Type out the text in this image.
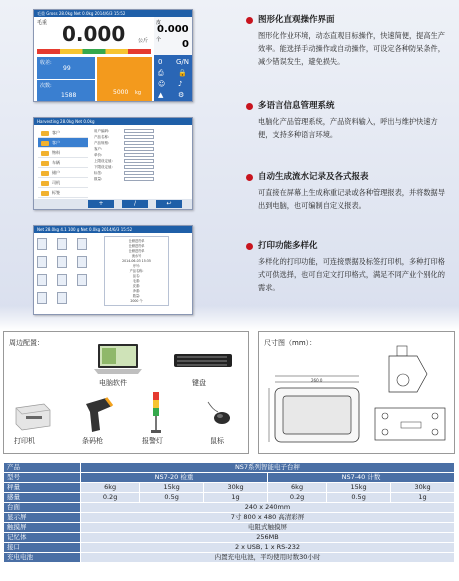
毛重 Gross 28.0kg Net 0.0kg 2014/6/3 15:52
毛重 0.000	公斤
收差:
99
次数:
1588	5000 kg
皮
0.000
个 0
0 G/N
⎙ 🔒
☺ ♪
▲ ⚙
Harvesting 28.0kg Net 0.0kg
客户
客户
物料
车辆
储户
司机
标签
用户编码:
产品名称:
产品规格:
客户:
单价:
上限设定值:
下限设定值:
标签:
数量:
+	/	↩
Net 28.0kg 4.1 100 g Net 0.0kg 2014/6/3 15:52
仓储进货单
仓储进货单
仓储进货单
流水号
2014-06-03 15:35
序号:
产品名称:
品名:
毛重:
皮重:
净重:
数量:
2000 个
图形化直观操作界面

图形化作业环境，动态直观目标操作，快速简便，提高生产效率。能选择手动操作或自动操作，可设定各种防呆条件，减少错误发生，避免损失。

多语言信息管理系统

电脑化产品管理系统，产品资料输入，呼出与维护快速方便，支持多种语言环境。

自动生成流水记录及各式报表

可直接在屏幕上生成称重记录或各种管理报表，并将数据导出到电脑，也可编制自定义报表。

打印功能多样化

多样化的打印功能，可连接票据及标签打印机，多种打印格式可供选择，也可自定文打印格式，满足不同产业个别化的需求。

周边配置：
电脑软件	键盘
打印机	条码枪	报警灯	鼠标
尺寸图（mm）：
260.0
产品	NS7系列智能电子台秤					
型号	NS7-20 检重			NS7-40 计数		
秤量	6kg	15kg	30kg	6kg	15kg	30kg
感量	0.2g	0.5g	1g	0.2g	0.5g	1g
台面	240 x 240mm					
显示屏	7寸 800 x 480 高清彩屏					
触摸屏	电阻式触摸屏					
记忆体	256MB					
接口	2 x USB, 1 x RS-232					
充电电池	内置充电电池，平均使用时数30小时					
